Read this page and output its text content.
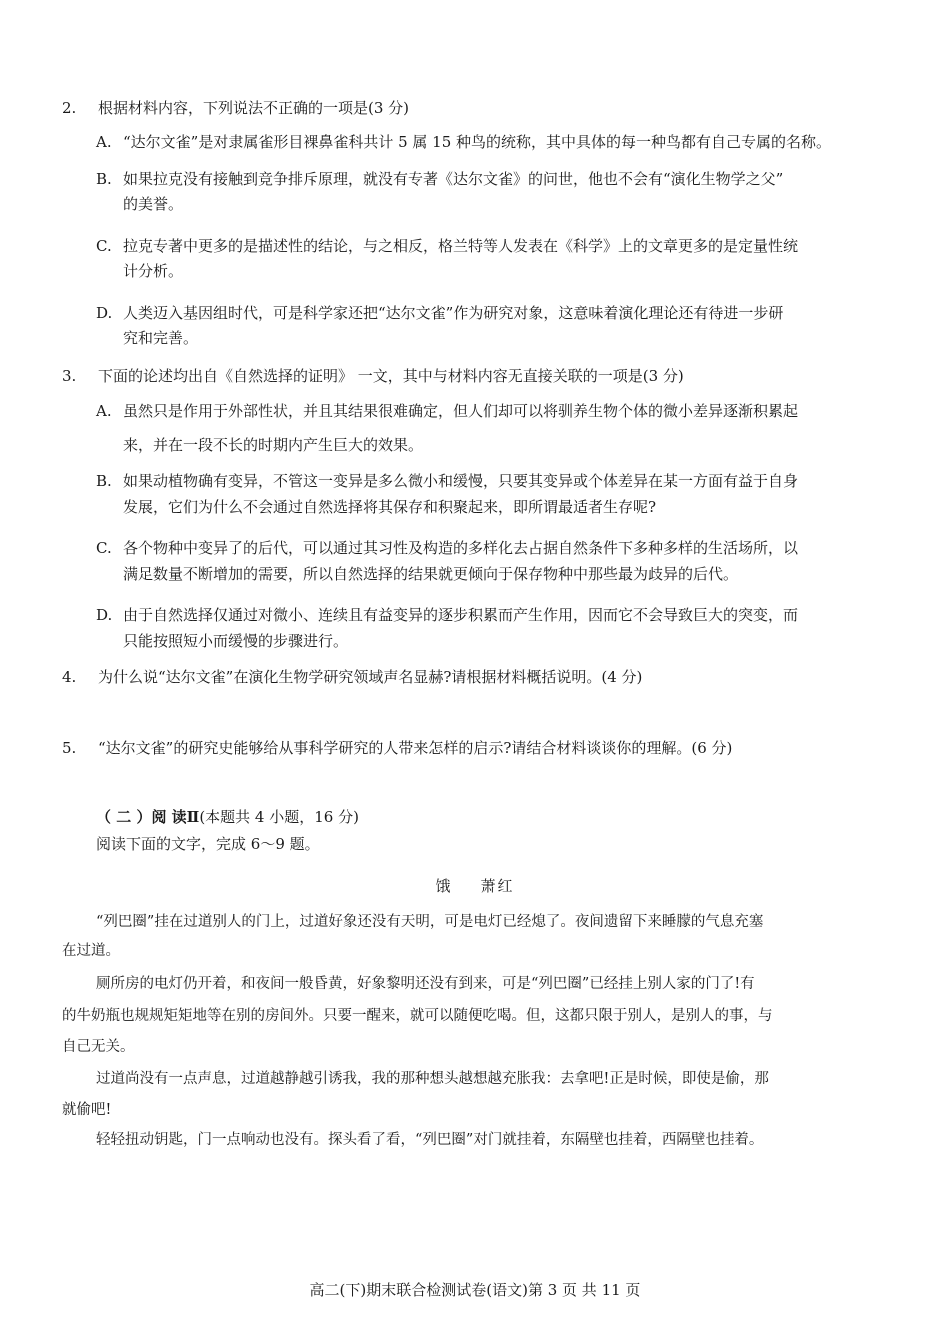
2. 根据材料内容，下列说法不正确的一项是(3 分)
A. “达尔文雀”是对隶属雀形目裸鼻雀科共计 5 属 15 种鸟的统称，其中具体的每一种鸟都有自己专属的名称。
B. 如果拉克没有接触到竞争排斥原理，就没有专著《达尔文雀》的问世，他也不会有“演化生物学之父”
的美誉。
C. 拉克专著中更多的是描述性的结论，与之相反，格兰特等人发表在《科学》上的文章更多的是定量性统
计分析。
D. 人类迈入基因组时代，可是科学家还把“达尔文雀”作为研究对象，这意味着演化理论还有待进一步研
究和完善。
3. 下面的论述均出自《自然选择的证明》 一文，其中与材料内容无直接关联的一项是(3 分)
A. 虽然只是作用于外部性状，并且其结果很难确定，但人们却可以将驯养生物个体的微小差异逐渐积累起
来，并在一段不长的时期内产生巨大的效果。
B. 如果动植物确有变异，不管这一变异是多么微小和缓慢，只要其变异或个体差异在某一方面有益于自身
发展，它们为什么不会通过自然选择将其保存和积聚起来，即所谓最适者生存呢?
C. 各个物种中变异了的后代，可以通过其习性及构造的多样化去占据自然条件下多种多样的生活场所，以
满足数量不断增加的需要，所以自然选择的结果就更倾向于保存物种中那些最为歧异的后代。
D. 由于自然选择仅通过对微小、连续且有益变异的逐步积累而产生作用，因而它不会导致巨大的突变，而
只能按照短小而缓慢的步骤进行。
4. 为什么说“达尔文雀”在演化生物学研究领域声名显赫?请根据材料概括说明。(4 分)
5. “达尔文雀”的研究史能够给从事科学研究的人带来怎样的启示?请结合材料谈谈你的理解。(6 分)
（ 二 ）阅 读Ⅱ(本题共 4 小题，16 分)
阅读下面的文字，完成 6～9 题。
饿 萧红
“列巴圈”挂在过道别人的门上，过道好象还没有天明，可是电灯已经熄了。夜间遗留下来睡朦的气息充塞
在过道。
厕所房的电灯仍开着，和夜间一般昏黄，好象黎明还没有到来，可是“列巴圈”已经挂上别人家的门了!有
的牛奶瓶也规规矩矩地等在别的房间外。只要一醒来，就可以随便吃喝。但，这都只限于别人，是别人的事，与
自己无关。
过道尚没有一点声息，过道越静越引诱我，我的那种想头越想越充胀我：去拿吧!正是时候，即使是偷，那
就偷吧!
轻轻扭动钥匙，门一点响动也没有。探头看了看，“列巴圈”对门就挂着，东隔壁也挂着，西隔壁也挂着。
高二(下)期末联合检测试卷(语文)第 3 页 共 11 页
